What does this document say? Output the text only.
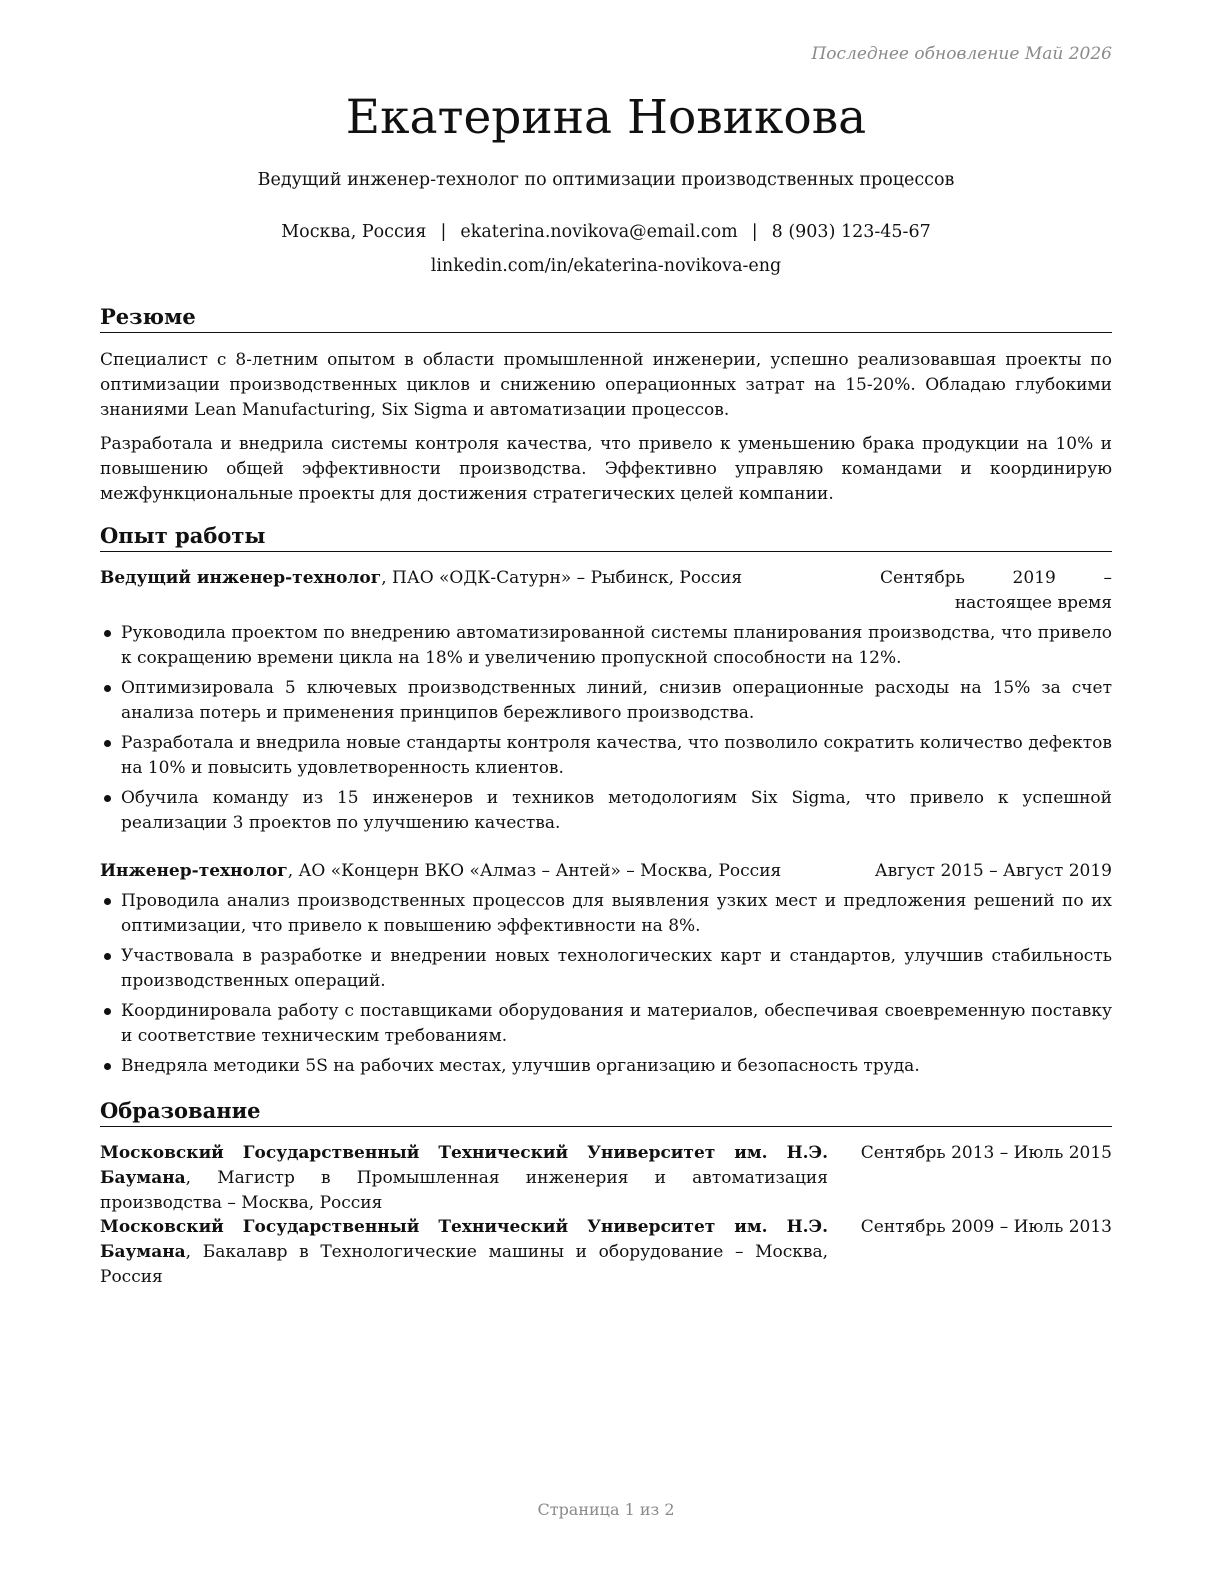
Последнее обновление Май 2026
Екатерина Новикова
Ведущий инженер-технолог по оптимизации производственных процессов
Москва, Россия | ekaterina.novikova@email.com | 8 (903) 123-45-67
linkedin.com/in/ekaterina-novikova-eng
Резюме

Специалист с 8-летним опытом в области промышленной инженерии, успешно реализовавшая проекты по оптимизации производственных циклов и снижению операционных затрат на 15-20%. Обладаю глубокими знаниями Lean Manufacturing, Six Sigma и автоматизации процессов.

Разработала и внедрила системы контроля качества, что привело к уменьшению брака продукции на 10% и повышению общей эффективности производства. Эффективно управляю командами и координирую межфункциональные проекты для достижения стратегических целей компании.

Опыт работы
Ведущий инженер-технолог, ПАО «ОДК-Сатурн» – Рыбинск, Россия	Сентябрь 2019 – настоящее время
Руководила проектом по внедрению автоматизированной системы планирования производства, что привело к сокращению времени цикла на 18% и увеличению пропускной способности на 12%.
Оптимизировала 5 ключевых производственных линий, снизив операционные расходы на 15% за счет анализа потерь и применения принципов бережливого производства.
Разработала и внедрила новые стандарты контроля качества, что позволило сократить количество дефектов на 10% и повысить удовлетворенность клиентов.
Обучила команду из 15 инженеров и техников методологиям Six Sigma, что привело к успешной реализации 3 проектов по улучшению качества.
Инженер-технолог, АО «Концерн ВКО «Алмаз – Антей» – Москва, Россия	Август 2015 – Август 2019
Проводила анализ производственных процессов для выявления узких мест и предложения решений по их оптимизации, что привело к повышению эффективности на 8%.
Участвовала в разработке и внедрении новых технологических карт и стандартов, улучшив стабильность производственных операций.
Координировала работу с поставщиками оборудования и материалов, обеспечивая своевременную поставку и соответствие техническим требованиям.
Внедряла методики 5S на рабочих местах, улучшив организацию и безопасность труда.
Образование
Московский Государственный Технический Университет им. Н.Э. Баумана, Магистр в Промышленная инженерия и автоматизация производства – Москва, Россия
Сентябрь 2013 – Июль 2015
Московский Государственный Технический Университет им. Н.Э. Баумана, Бакалавр в Технологические машины и оборудование – Москва, Россия
Сентябрь 2009 – Июль 2013
Страница 1 из 2
